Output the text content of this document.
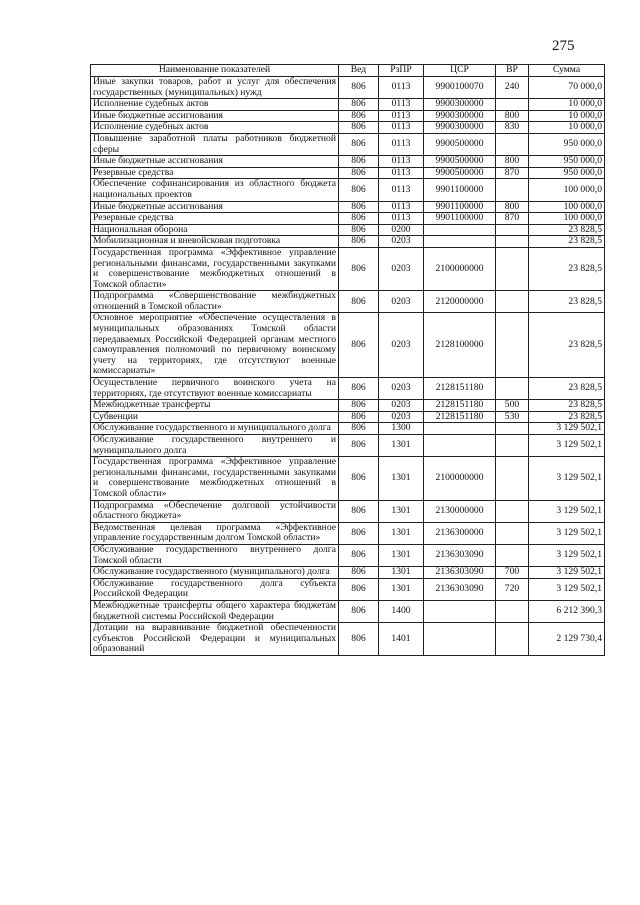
275
Наименование показателей	Вед	РзПР	ЦСР	ВР	Сумма
Иные закупки товаров, работ и услуг для обеспечения государственных (муниципальных) нужд	806	0113	9900100070	240	70 000,0
Исполнение судебных актов	806	0113	9900300000		10 000,0
Иные бюджетные ассигнования	806	0113	9900300000	800	10 000,0
Исполнение судебных актов	806	0113	9900300000	830	10 000,0
Повышение заработной платы работников бюджетной сферы	806	0113	9900500000		950 000,0
Иные бюджетные ассигнования	806	0113	9900500000	800	950 000,0
Резервные средства	806	0113	9900500000	870	950 000,0
Обеспечение софинансирования из областного бюджета национальных проектов	806	0113	9901100000		100 000,0
Иные бюджетные ассигнования	806	0113	9901100000	800	100 000,0
Резервные средства	806	0113	9901100000	870	100 000,0
Национальная оборона	806	0200			23 828,5
Мобилизационная и вневойсковая подготовка	806	0203			23 828,5
Государственная программа «Эффективное управление региональными финансами, государственными закупками и совершенствование межбюджетных отношений в Томской области»	806	0203	2100000000		23 828,5
Подпрограмма «Совершенствование межбюджетных отношений в Томской области»	806	0203	2120000000		23 828,5
Основное мероприятие «Обеспечение осуществления в муниципальных образованиях Томской области передаваемых Российской Федерацией органам местного самоуправления полномочий по первичному воинскому учету на территориях, где отсутствуют военные комиссариаты»	806	0203	2128100000		23 828,5
Осуществление первичного воинского учета на территориях, где отсутствуют военные комиссариаты	806	0203	2128151180		23 828,5
Межбюджетные трансферты	806	0203	2128151180	500	23 828,5
Субвенции	806	0203	2128151180	530	23 828,5
Обслуживание государственного и муниципального долга	806	1300			3 129 502,1
Обслуживание государственного внутреннего и муниципального долга	806	1301			3 129 502,1
Государственная программа «Эффективное управление региональными финансами, государственными закупками и совершенствование межбюджетных отношений в Томской области»	806	1301	2100000000		3 129 502,1
Подпрограмма «Обеспечение долговой устойчивости областного бюджета»	806	1301	2130000000		3 129 502,1
Ведомственная целевая программа «Эффективное управление государственным долгом Томской области»	806	1301	2136300000		3 129 502,1
Обслуживание государственного внутреннего долга Томской области	806	1301	2136303090		3 129 502,1
Обслуживание государственного (муниципального) долга	806	1301	2136303090	700	3 129 502,1
Обслуживание государственного долга субъекта Российской Федерации	806	1301	2136303090	720	3 129 502,1
Межбюджетные трансферты общего характера бюджетам бюджетной системы Российской Федерации	806	1400			6 212 390,3
Дотации на выравнивание бюджетной обеспеченности субъектов Российской Федерации и муниципальных образований	806	1401			2 129 730,4
